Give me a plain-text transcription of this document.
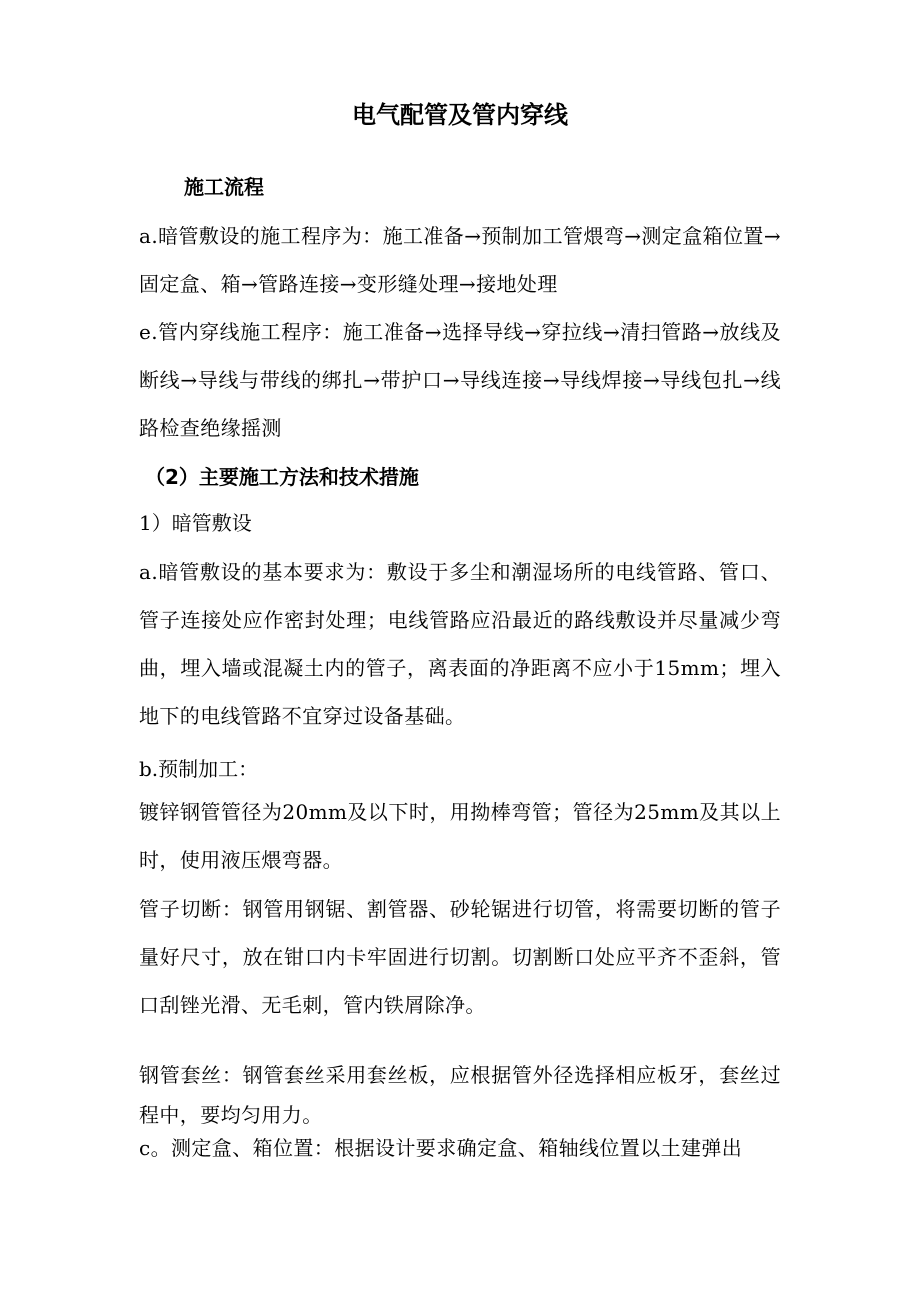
电气配管及管内穿线
施工流程
a.暗管敷设的施工程序为：施工准备→预制加工管煨弯→测定盒箱位置→固定盒、箱→管路连接→变形缝处理→接地处理
e.管内穿线施工程序：施工准备→选择导线→穿拉线→清扫管路→放线及断线→导线与带线的绑扎→带护口→导线连接→导线焊接→导线包扎→线路检查绝缘摇测
（2）主要施工方法和技术措施
1）暗管敷设
a.暗管敷设的基本要求为：敷设于多尘和潮湿场所的电线管路、管口、管子连接处应作密封处理；电线管路应沿最近的路线敷设并尽量减少弯曲，埋入墙或混凝土内的管子，离表面的净距离不应小于15mm；埋入地下的电线管路不宜穿过设备基础。
b.预制加工：
镀锌钢管管径为20mm及以下时，用拗棒弯管；管径为25mm及其以上时，使用液压煨弯器。
管子切断：钢管用钢锯、割管器、砂轮锯进行切管，将需要切断的管子量好尺寸，放在钳口内卡牢固进行切割。切割断口处应平齐不歪斜，管口刮锉光滑、无毛刺，管内铁屑除净。
钢管套丝：钢管套丝采用套丝板，应根据管外径选择相应板牙，套丝过程中，要均匀用力。
c。测定盒、箱位置：根据设计要求确定盒、箱轴线位置以土建弹出
